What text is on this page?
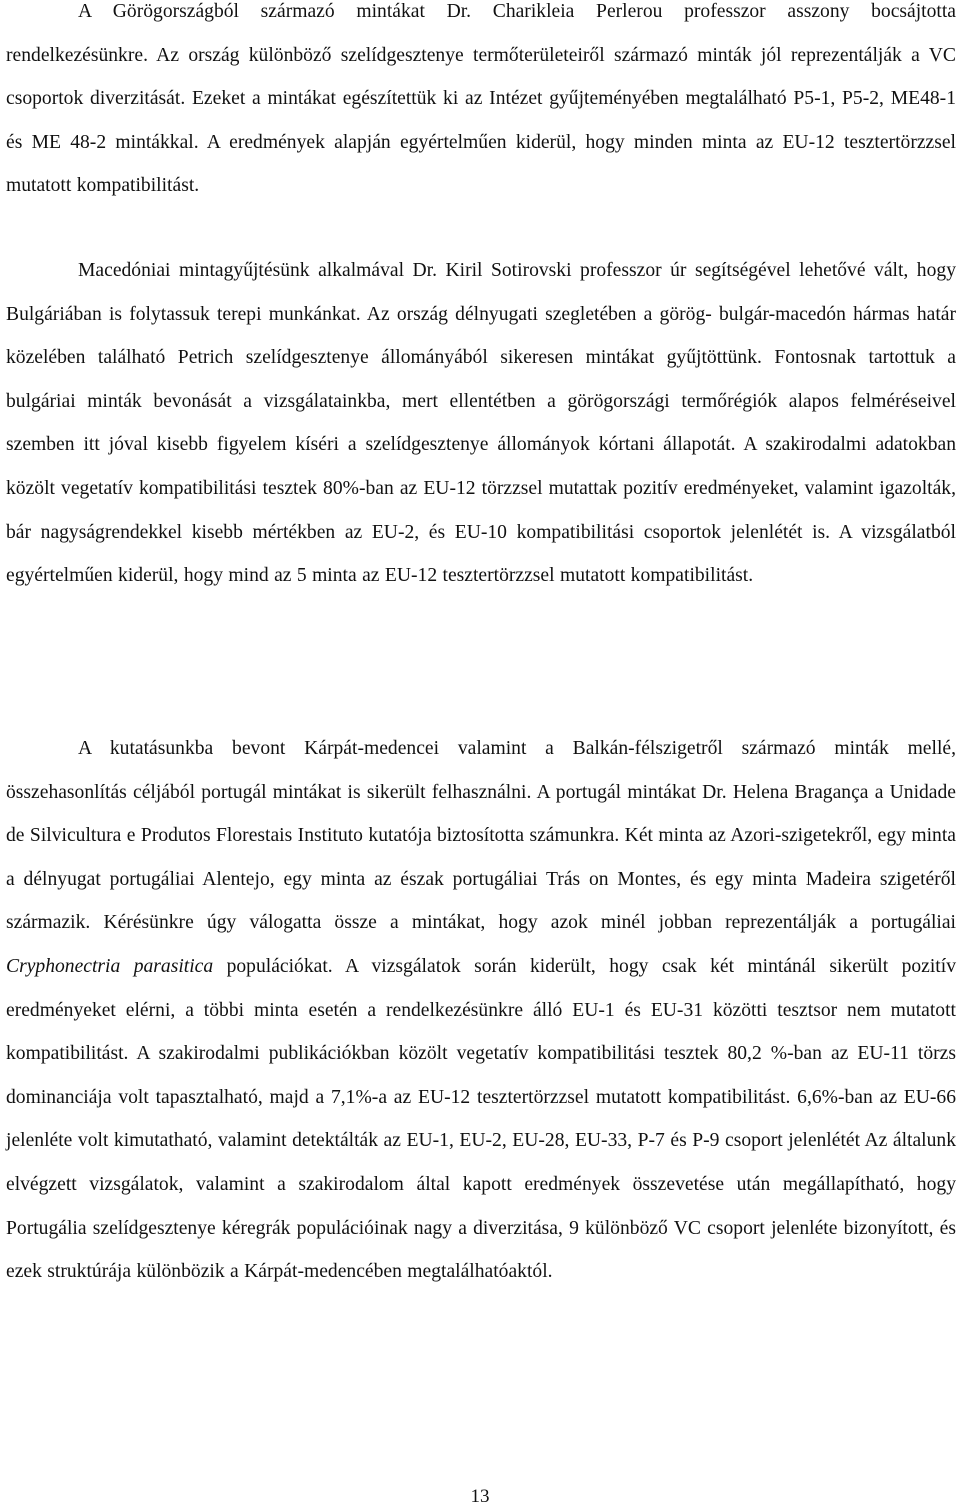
A Görögországból származó mintákat Dr. Charikleia Perlerou professzor asszony bocsájtotta rendelkezésünkre. Az ország különböző szelídgesztenye termőterületeiről származó minták jól reprezentálják a VC csoportok diverzitását. Ezeket a mintákat egészítettük ki az Intézet gyűjteményében megtalálható P5-1, P5-2, ME48-1 és ME 48-2 mintákkal. A eredmények alapján egyértelműen kiderül, hogy minden minta az EU-12 tesztertörzzsel mutatott kompatibilitást.

Macedóniai mintagyűjtésünk alkalmával Dr. Kiril Sotirovski professzor úr segítségével lehetővé vált, hogy Bulgáriában is folytassuk terepi munkánkat. Az ország délnyugati szegletében a görög- bulgár-macedón hármas határ közelében található Petrich szelídgesztenye állományából sikeresen mintákat gyűjtöttünk. Fontosnak tartottuk a bulgáriai minták bevonását a vizsgálatainkba, mert ellentétben a görögországi termőrégiók alapos felméréseivel szemben itt jóval kisebb figyelem kíséri a szelídgesztenye állományok kórtani állapotát. A szakirodalmi adatokban közölt vegetatív kompatibilitási tesztek 80%-ban az EU-12 törzzsel mutattak pozitív eredményeket, valamint igazolták, bár nagyságrendekkel kisebb mértékben az EU-2, és EU-10 kompatibilitási csoportok jelenlétét is. A vizsgálatból egyértelműen kiderül, hogy mind az 5 minta az EU-12 tesztertörzzsel mutatott kompatibilitást.

A kutatásunkba bevont Kárpát-medencei valamint a Balkán-félszigetről származó minták mellé, összehasonlítás céljából portugál mintákat is sikerült felhasználni. A portugál mintákat Dr. Helena Bragança a Unidade de Silvicultura e Produtos Florestais Instituto kutatója biztosította számunkra. Két minta az Azori-szigetekről, egy minta a délnyugat portugáliai Alentejo, egy minta az észak portugáliai Trás on Montes, és egy minta Madeira szigetéről származik. Kérésünkre úgy válogatta össze a mintákat, hogy azok minél jobban reprezentálják a portugáliai Cryphonectria parasitica populációkat. A vizsgálatok során kiderült, hogy csak két mintánál sikerült pozitív eredményeket elérni, a többi minta esetén a rendelkezésünkre álló EU-1 és EU-31 közötti tesztsor nem mutatott kompatibilitást. A szakirodalmi publikációkban közölt vegetatív kompatibilitási tesztek 80,2 %-ban az EU-11 törzs dominanciája volt tapasztalható, majd a 7,1%-a az EU-12 tesztertörzzsel mutatott kompatibilitást. 6,6%-ban az EU-66 jelenléte volt kimutatható, valamint detektálták az EU-1, EU-2, EU-28, EU-33, P-7 és P-9 csoport jelenlétét Az általunk elvégzett vizsgálatok, valamint a szakirodalom által kapott eredmények összevetése után megállapítható, hogy Portugália szelídgesztenye kéregrák populációinak nagy a diverzitása, 9 különböző VC csoport jelenléte bizonyított, és ezek struktúrája különbözik a Kárpát-medencében megtalálhatóaktól.

13
